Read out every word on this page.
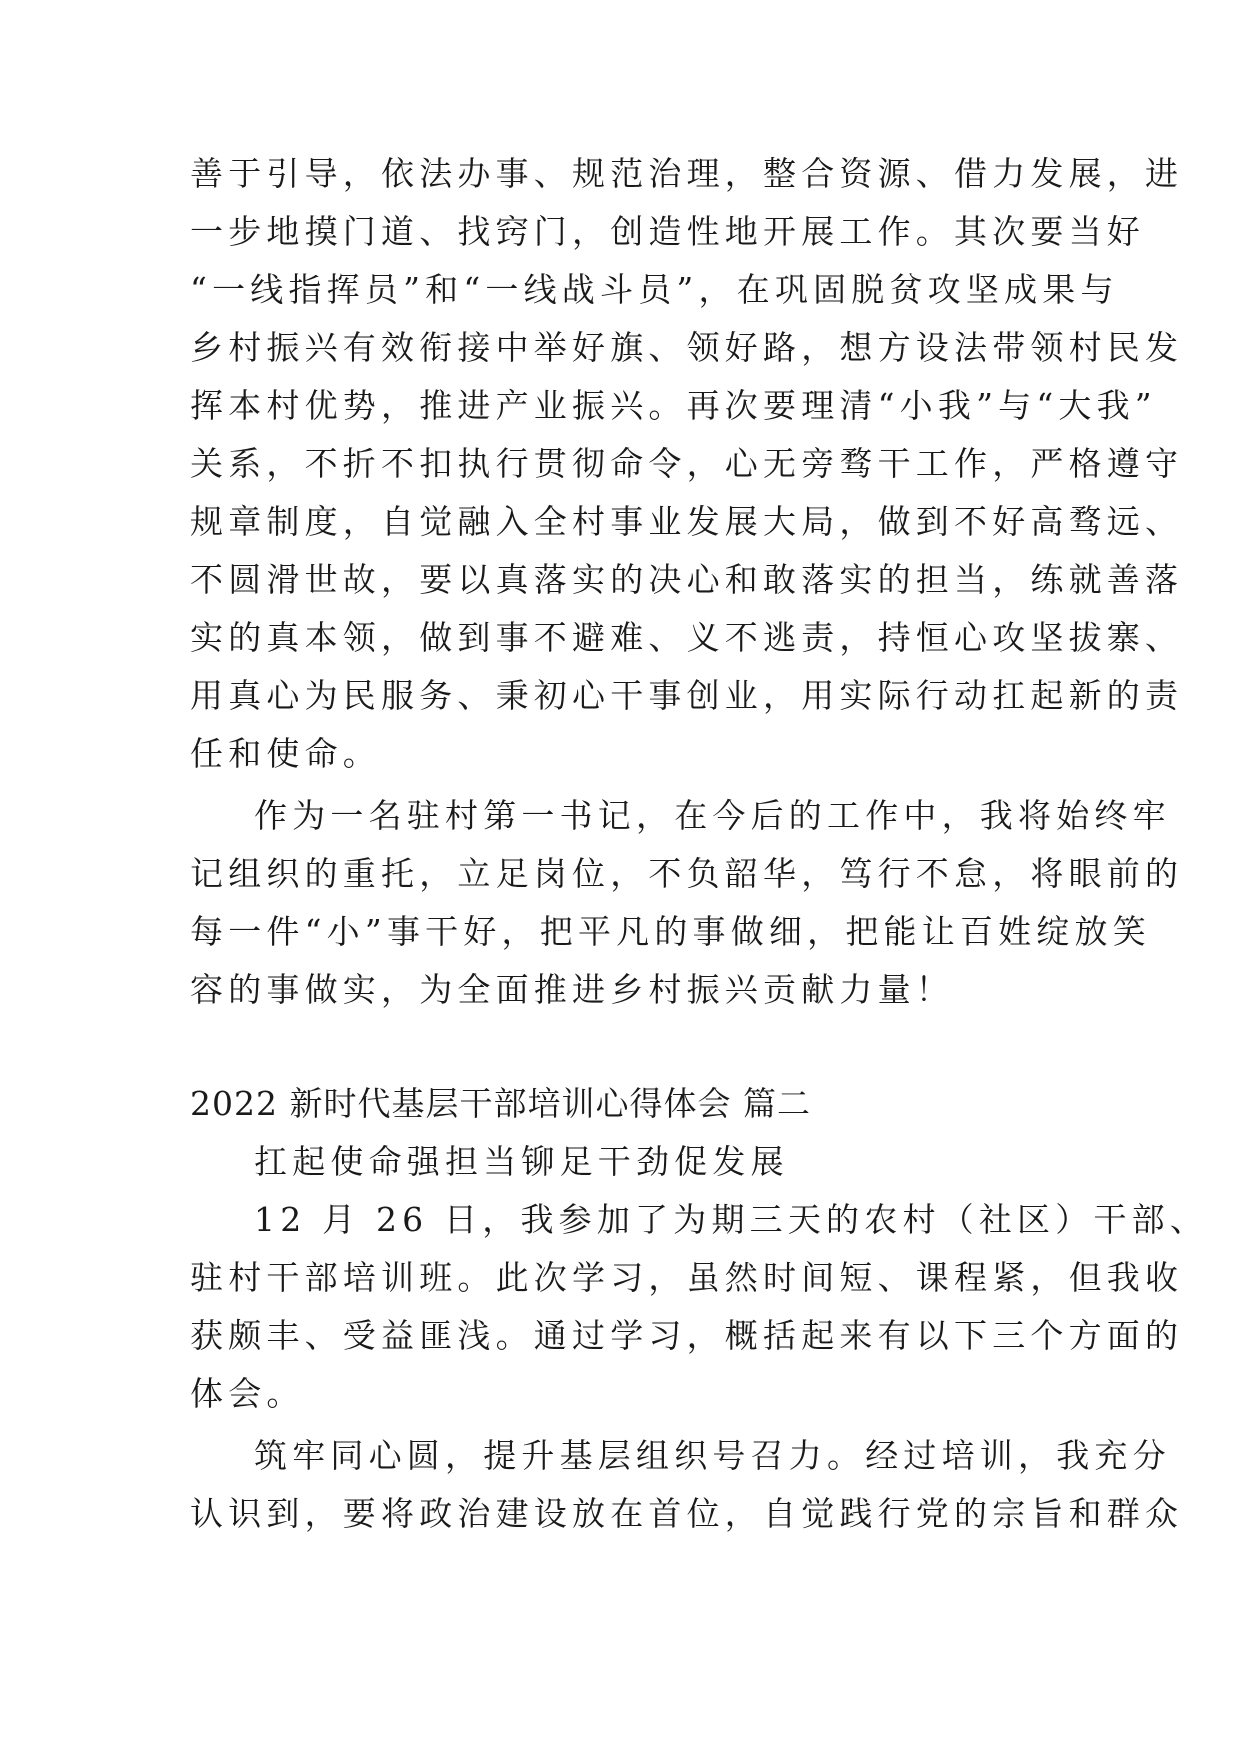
善于引导，依法办事、规范治理，整合资源、借力发展，进
一步地摸门道、找窍门，创造性地开展工作。其次要当好
“一线指挥员”和“一线战斗员”，在巩固脱贫攻坚成果与
乡村振兴有效衔接中举好旗、领好路，想方设法带领村民发
挥本村优势，推进产业振兴。再次要理清“小我”与“大我”
关系，不折不扣执行贯彻命令，心无旁骛干工作，严格遵守
规章制度，自觉融入全村事业发展大局，做到不好高骛远、
不圆滑世故，要以真落实的决心和敢落实的担当，练就善落
实的真本领，做到事不避难、义不逃责，持恒心攻坚拔寨、
用真心为民服务、秉初心干事创业，用实际行动扛起新的责
任和使命。
作为一名驻村第一书记，在今后的工作中，我将始终牢
记组织的重托，立足岗位，不负韶华，笃行不怠，将眼前的
每一件“小”事干好，把平凡的事做细，把能让百姓绽放笑
容的事做实，为全面推进乡村振兴贡献力量！
2022 新时代基层干部培训心得体会 篇二
扛起使命强担当铆足干劲促发展
12 月 26 日，我参加了为期三天的农村（社区）干部、
驻村干部培训班。此次学习，虽然时间短、课程紧，但我收
获颇丰、受益匪浅。通过学习，概括起来有以下三个方面的
体会。
筑牢同心圆，提升基层组织号召力。经过培训，我充分
认识到，要将政治建设放在首位，自觉践行党的宗旨和群众
